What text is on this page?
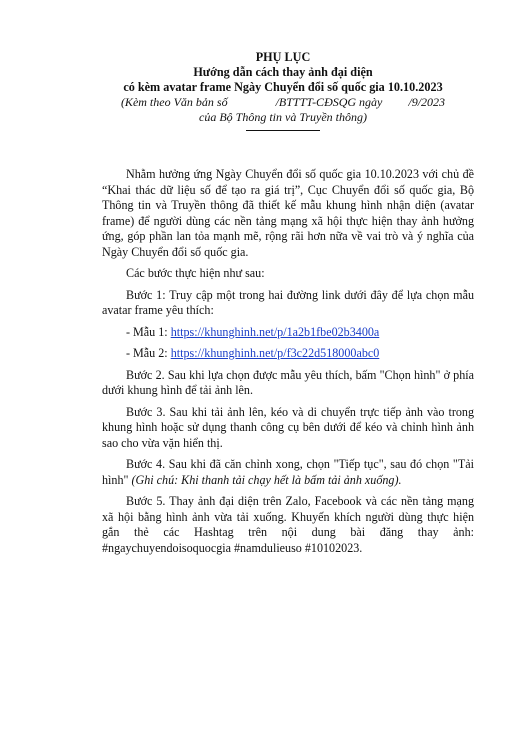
PHỤ LỤC
Hướng dẫn cách thay ảnh đại diện
có kèm avatar frame Ngày Chuyển đổi số quốc gia 10.10.2023
(Kèm theo Văn bản số	/BTTTT-CĐSQG ngày /9/2023
của Bộ Thông tin và Truyền thông)

Nhằm hưởng ứng Ngày Chuyển đổi số quốc gia 10.10.2023 với chủ đề “Khai thác dữ liệu số để tạo ra giá trị”, Cục Chuyển đổi số quốc gia, Bộ Thông tin và Truyền thông đã thiết kế mẫu khung hình nhận diện (avatar frame) để người dùng các nền tảng mạng xã hội thực hiện thay ảnh hưởng ứng, góp phần lan tỏa mạnh mẽ, rộng rãi hơn nữa về vai trò và ý nghĩa của Ngày Chuyển đổi số quốc gia.

Các bước thực hiện như sau:

Bước 1: Truy cập một trong hai đường link dưới đây để lựa chọn mẫu avatar frame yêu thích:

- Mẫu 1: https://khunghinh.net/p/1a2b1fbe02b3400a

- Mẫu 2: https://khunghinh.net/p/f3c22d518000abc0

Bước 2. Sau khi lựa chọn được mẫu yêu thích, bấm "Chọn hình" ở phía dưới khung hình để tải ảnh lên.

Bước 3. Sau khi tải ảnh lên, kéo và di chuyển trực tiếp ảnh vào trong khung hình hoặc sử dụng thanh công cụ bên dưới để kéo và chỉnh hình ảnh sao cho vừa vặn hiển thị.

Bước 4. Sau khi đã căn chỉnh xong, chọn "Tiếp tục", sau đó chọn "Tải hình" (Ghi chú: Khi thanh tải chạy hết là bấm tải ảnh xuống).

Bước 5. Thay ảnh đại diện trên Zalo, Facebook và các nền tảng mạng xã hội bằng hình ảnh vừa tải xuống. Khuyến khích người dùng thực hiện gắn thẻ các Hashtag trên nội dung bài đăng thay ảnh: #ngaychuyendoisoquocgia #namdulieuso #10102023.
